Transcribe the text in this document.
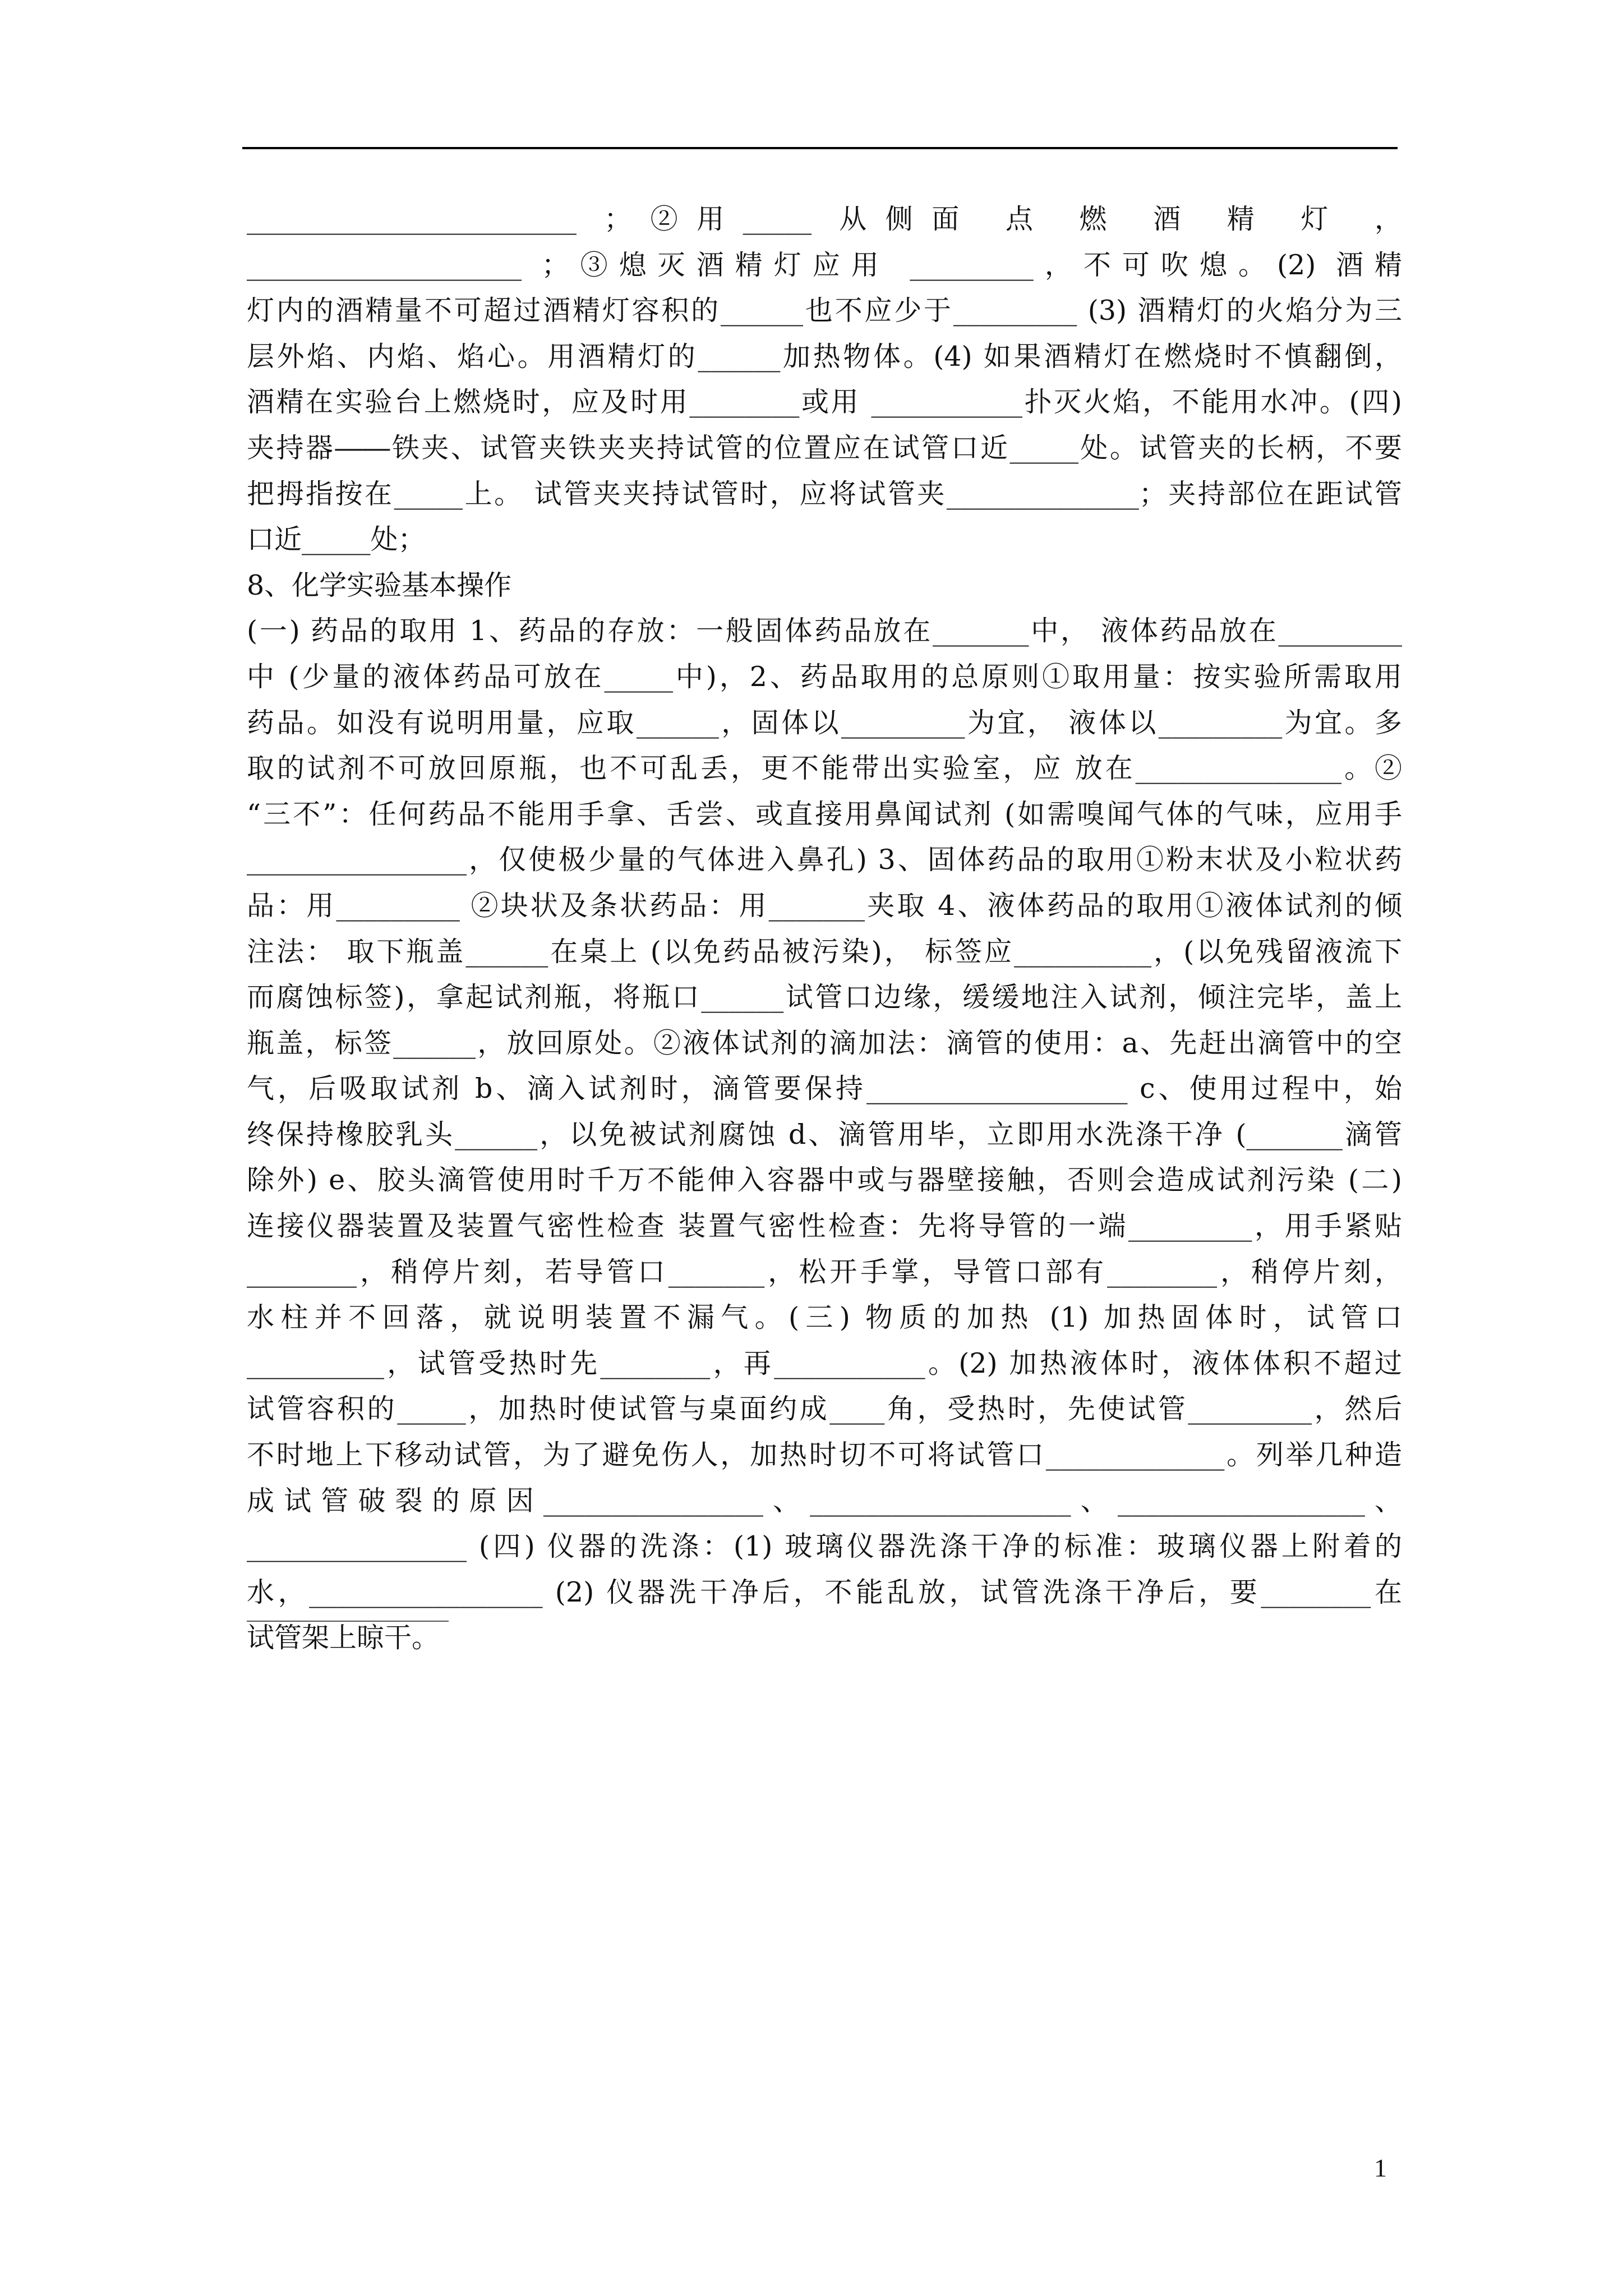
________________________ ；②用_____ 从侧面 点 燃 酒 精 灯 ，
____________________ ；③熄灭酒精灯应用 _________，不可吹熄。(2) 酒精
灯内的酒精量不可超过酒精灯容积的______也不应少于_________ (3) 酒精灯的火焰分为三
层外焰、内焰、焰心。用酒精灯的______加热物体。(4) 如果酒精灯在燃烧时不慎翻倒，
酒精在实验台上燃烧时，应及时用________或用 ___________扑灭火焰，不能用水冲。(四)
夹持器――铁夹、试管夹铁夹夹持试管的位置应在试管口近_____处。试管夹的长柄，不要
把拇指按在_____上。 试管夹夹持试管时，应将试管夹______________；夹持部位在距试管
口近_____处；
8、化学实验基本操作
(一) 药品的取用 1、药品的存放：一般固体药品放在_______中， 液体药品放在_________
中 (少量的液体药品可放在_____中)，2、药品取用的总原则①取用量：按实验所需取用
药品。如没有说明用量，应取______，固体以_________为宜， 液体以_________为宜。多
取的试剂不可放回原瓶，也不可乱丢，更不能带出实验室，应 放在_______________。②
“三不”：任何药品不能用手拿、舌尝、或直接用鼻闻试剂 (如需嗅闻气体的气味，应用手
________________，仅使极少量的气体进入鼻孔) 3、固体药品的取用①粉末状及小粒状药
品：用_________ ②块状及条状药品：用_______夹取 4、液体药品的取用①液体试剂的倾
注法： 取下瓶盖______在桌上 (以免药品被污染)， 标签应__________，(以免残留液流下
而腐蚀标签)，拿起试剂瓶，将瓶口______试管口边缘，缓缓地注入试剂，倾注完毕，盖上
瓶盖，标签______，放回原处。②液体试剂的滴加法：滴管的使用：a、先赶出滴管中的空
气，后吸取试剂 b、滴入试剂时，滴管要保持___________________ c、使用过程中，始
终保持橡胶乳头______，以免被试剂腐蚀 d、滴管用毕，立即用水洗涤干净 (_______滴管
除外) e、胶头滴管使用时千万不能伸入容器中或与器壁接触，否则会造成试剂污染 (二)
连接仪器装置及装置气密性检查 装置气密性检查：先将导管的一端_________，用手紧贴
________，稍停片刻，若导管口_______，松开手掌，导管口部有________，稍停片刻，
水柱并不回落，就说明装置不漏气。(三) 物质的加热 (1) 加热固体时，试管口
__________，试管受热时先________，再___________。(2) 加热液体时，液体体积不超过
试管容积的_____，加热时使试管与桌面约成____角，受热时，先使试管_________，然后
不时地上下移动试管，为了避免伤人，加热时切不可将试管口_____________。列举几种造
成试管破裂的原因________________、___________________、__________________、
________________ (四) 仪器的洗涤：(1) 玻璃仪器洗涤干净的标准：玻璃仪器上附着的
水，_________________ (2) 仪器洗干净后，不能乱放，试管洗涤干净后，要________在
试管架上晾干。
1
